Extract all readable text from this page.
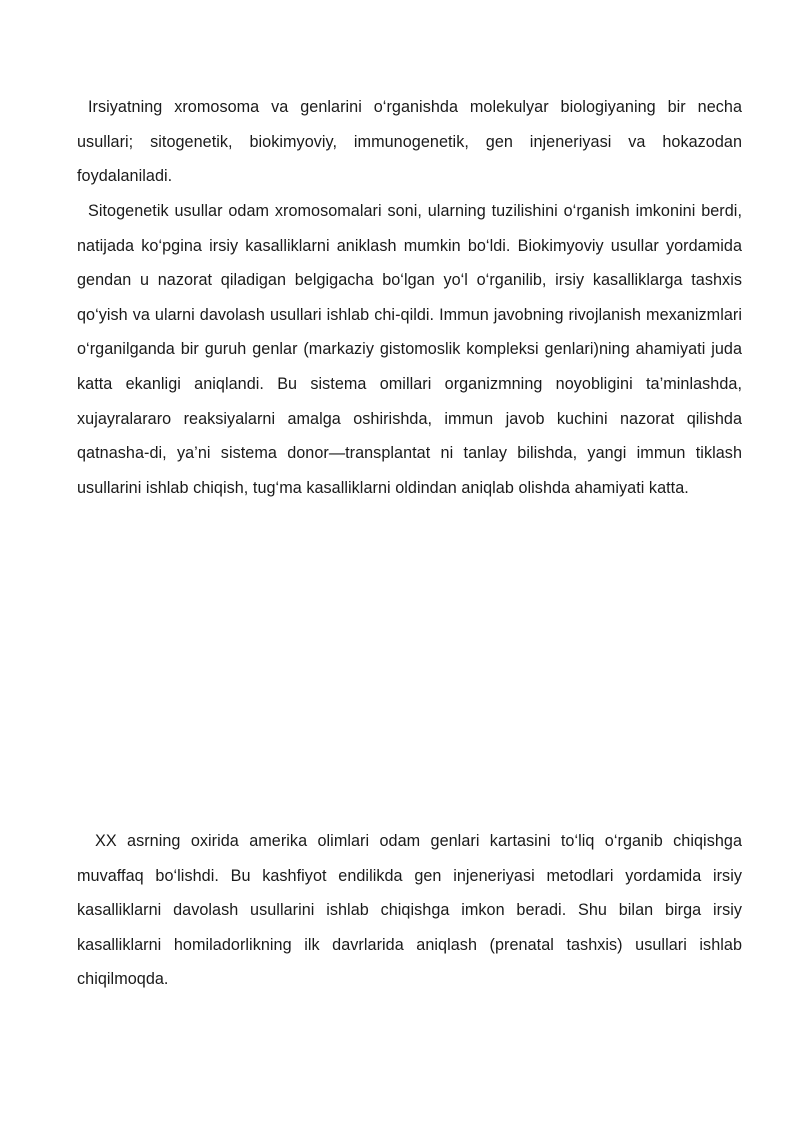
Irsiyatning xromosoma va genlarini o‘rganishda molekulyar biologiyaning bir necha usullari; sitogenetik, biokimyoviy, immunogenetik, gen injeneriyasi va hokazodan foydalaniladi.

Sitogenetik usullar odam xromosomalari soni, ularning tuzilishini o‘rganish imkonini berdi, natijada ko‘pgina irsiy kasalliklarni aniklash mumkin bo‘ldi. Biokimyoviy usullar yordamida gendan u nazorat qiladigan belgigacha bo‘lgan yo‘l o‘rganilib, irsiy kasalliklarga tashxis qo‘yish va ularni davolash usullari ishlab chi-qildi. Immun javobning rivojlanish mexanizmlari o‘rganilganda bir guruh genlar (markaziy gistomoslik kompleksi genlari)ning ahamiyati juda katta ekanligi aniqlandi. Bu sistema omillari organizmning noyobligini ta’minlashda, xujayralararo reaksiyalarni amalga oshirishda, immun javob kuchini nazorat qilishda qatnasha-di, ya’ni sistema donor—transplantat ni tanlay bilishda, yangi immun tiklash usullarini ishlab chiqish, tug‘ma kasalliklarni oldindan aniqlab olishda ahamiyati katta.

XX asrning oxirida amerika olimlari odam genlari kartasini to‘liq o‘rganib chiqishga muvaffaq bo‘lishdi. Bu kashfiyot endilikda gen injeneriyasi metodlari yordamida irsiy kasalliklarni davolash usullarini ishlab chiqishga imkon beradi. Shu bilan birga irsiy kasalliklarni homiladorlikning ilk davrlarida aniqlash (prenatal tashxis) usullari ishlab chiqilmoqda.
